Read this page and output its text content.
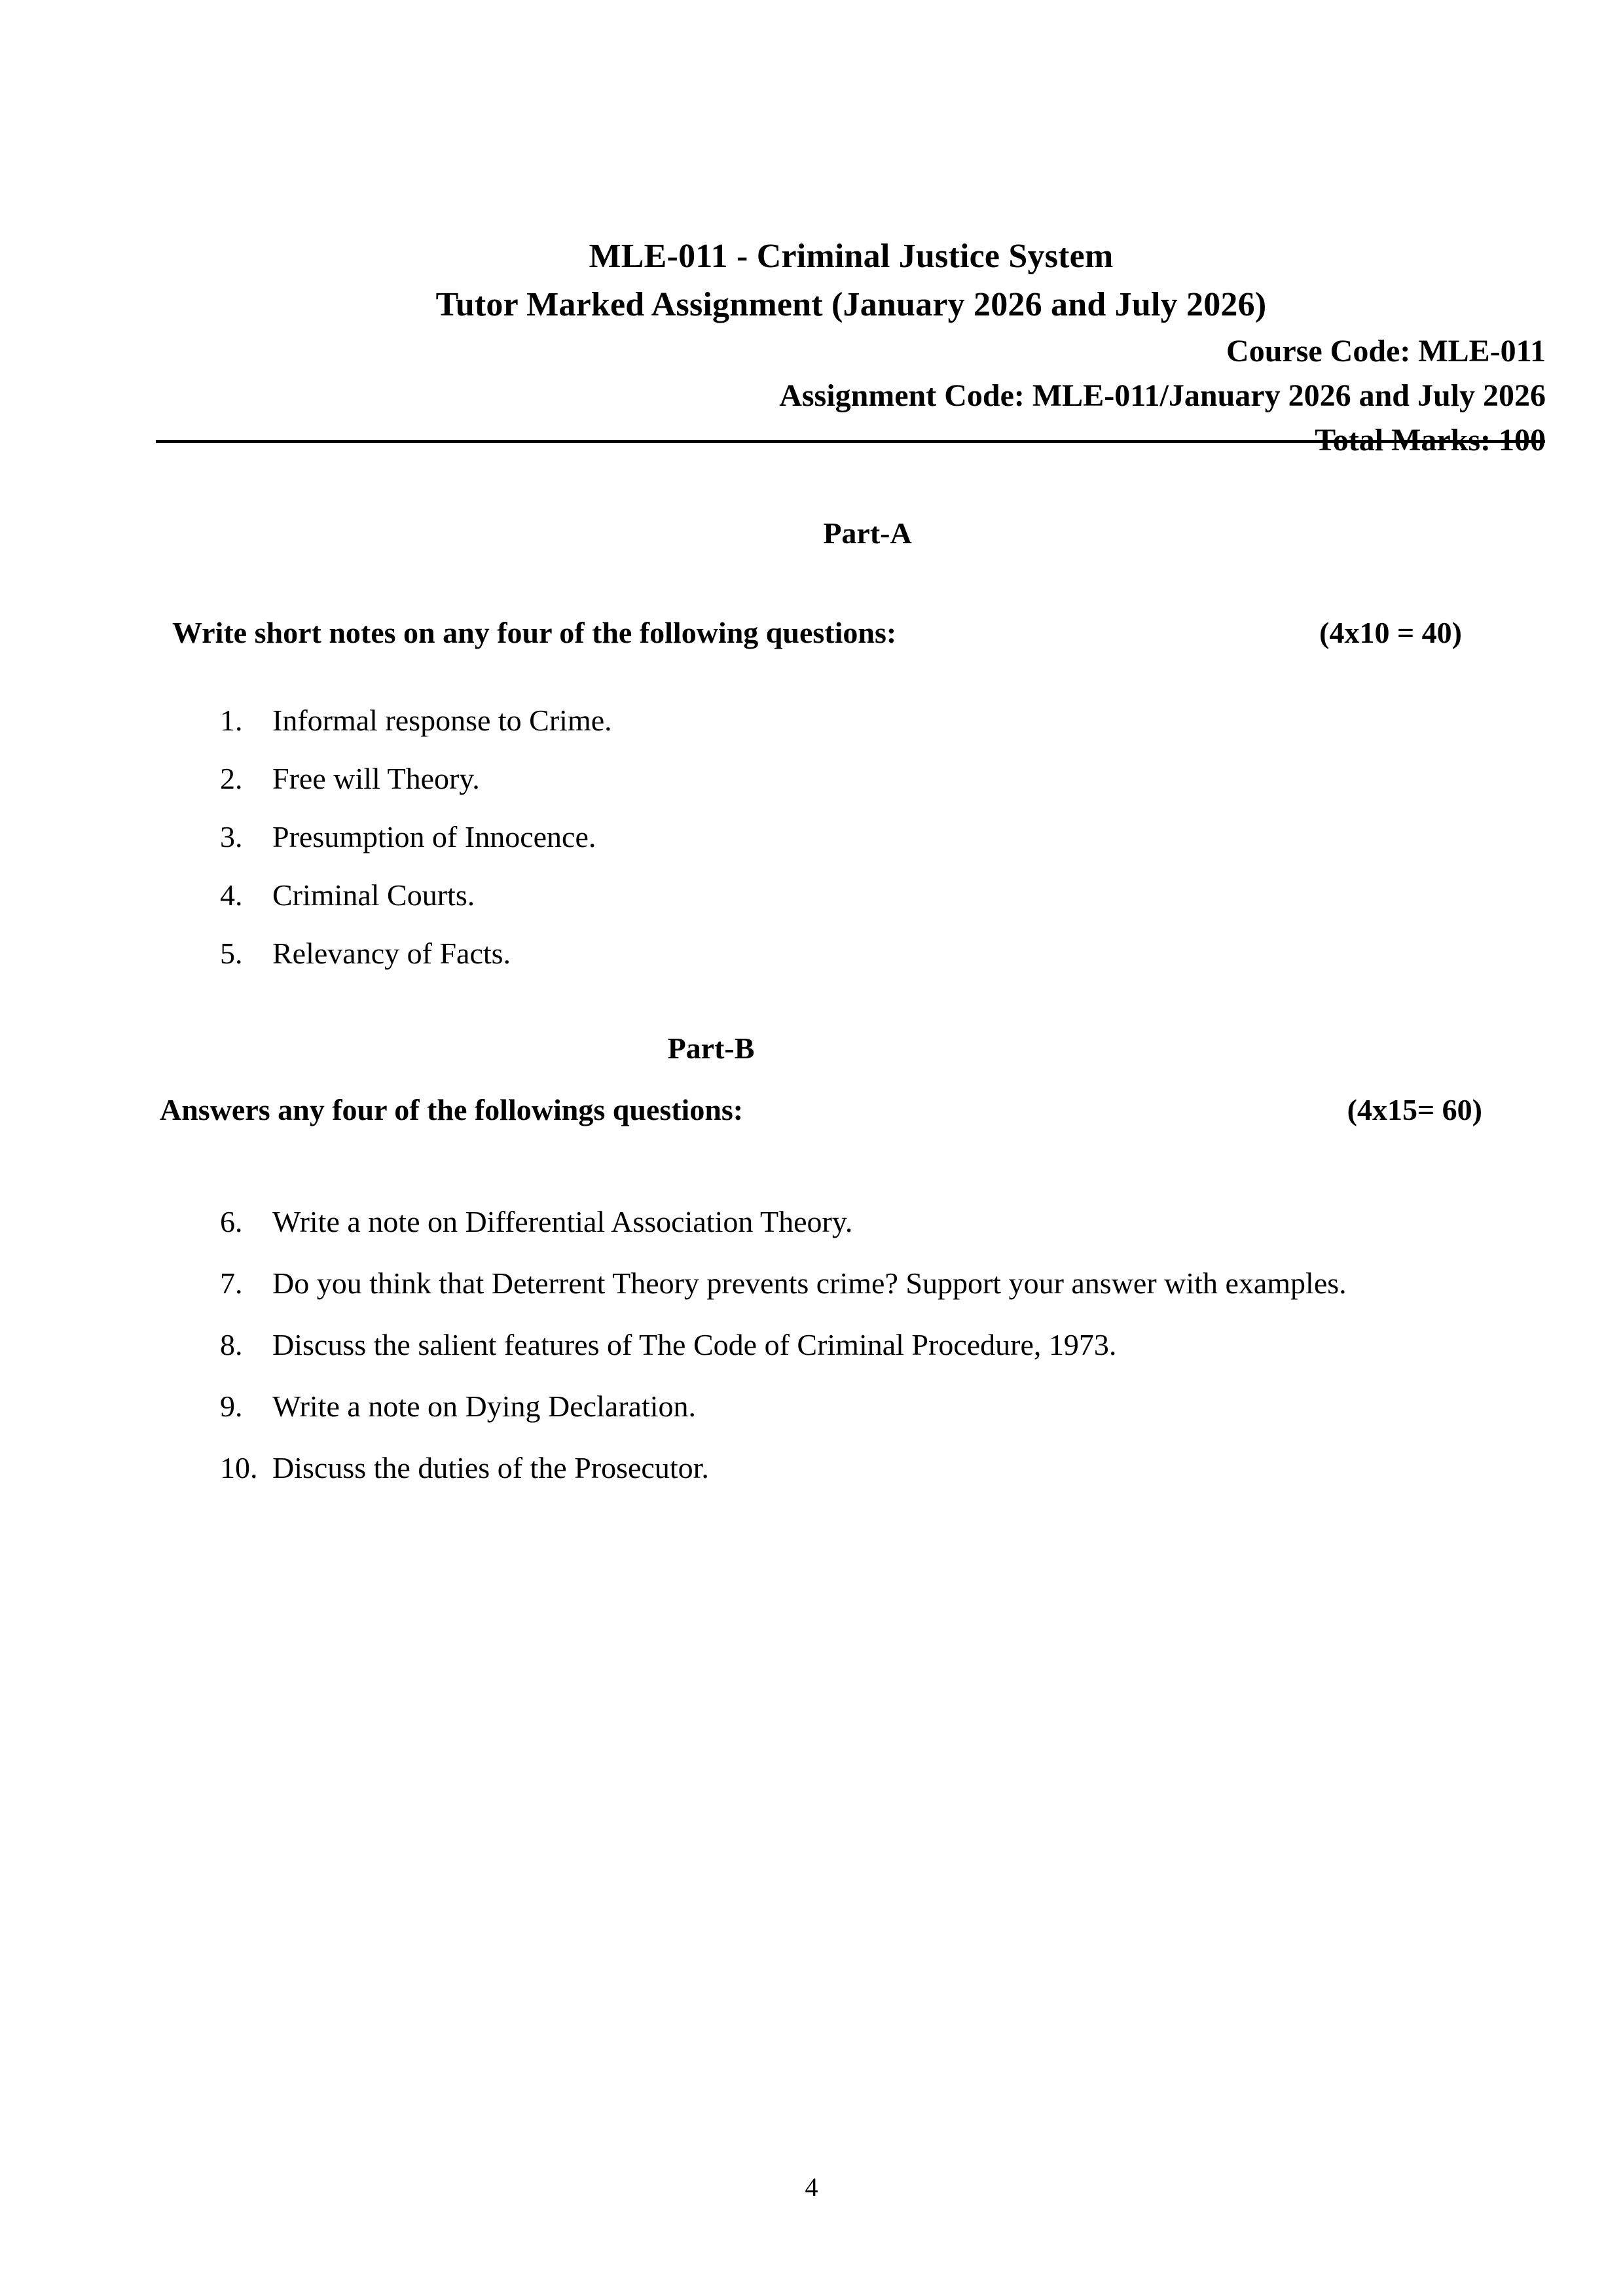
MLE-011 - Criminal Justice System
Tutor Marked Assignment (January 2026 and July 2026)
Course Code: MLE-011
Assignment Code: MLE-011/January 2026 and July 2026
Total Marks: 100
Part-A
Write short notes on any four of the following questions:	(4x10 = 40)
1. Informal response to Crime.
2. Free will Theory.
3. Presumption of Innocence.
4. Criminal Courts.
5. Relevancy of Facts.
Part-B
Answers any four of the followings questions:	(4x15= 60)
6. Write a note on Differential Association Theory.
7. Do you think that Deterrent Theory prevents crime? Support your answer with examples.
8. Discuss the salient features of The Code of Criminal Procedure, 1973.
9. Write a note on Dying Declaration.
10. Discuss the duties of the Prosecutor.
4
